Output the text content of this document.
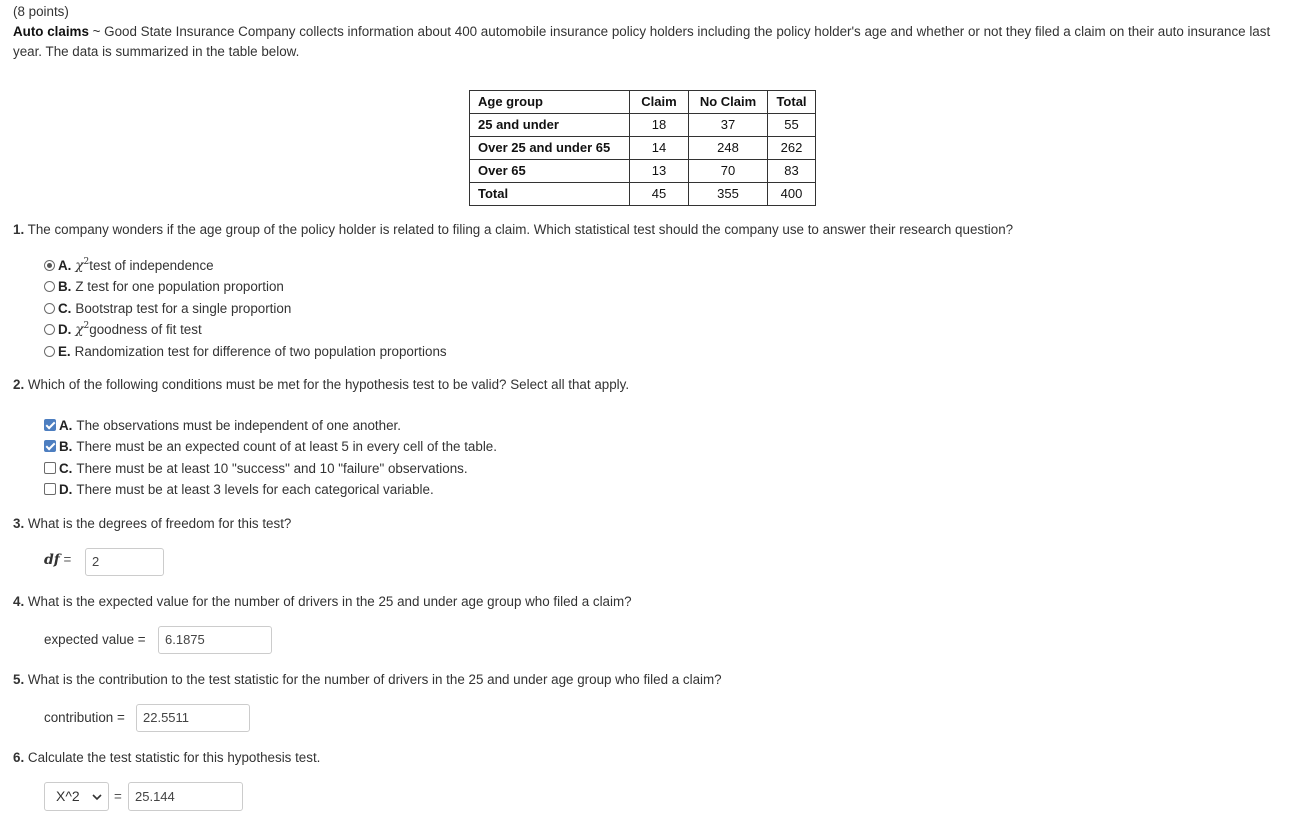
(8 points)
Auto claims ~ Good State Insurance Company collects information about 400 automobile insurance policy holders including the policy holder's age and whether or not they filed a claim on their auto insurance last year. The data is summarized in the table below.
Age group	Claim	No Claim	Total
25 and under	18	37	55
Over 25 and under 65	14	248	262
Over 65	13	70	83
Total	45	355	400
1. The company wonders if the age group of the policy holder is related to filing a claim. Which statistical test should the company use to answer their research question?
A. $\chi^2$ test of independence
B. Z test for one population proportion
C. Bootstrap test for a single proportion
D. $\chi^2$ goodness of fit test
E. Randomization test for difference of two population proportions
2. Which of the following conditions must be met for the hypothesis test to be valid? Select all that apply.
A. The observations must be independent of one another.
B. There must be an expected count of at least 5 in every cell of the table.
C. There must be at least 10 "success" and 10 "failure" observations.
D. There must be at least 3 levels for each categorical variable.
3. What is the degrees of freedom for this test?
df =	2
4. What is the expected value for the number of drivers in the 25 and under age group who filed a claim?
expected value =	6.1875
5. What is the contribution to the test statistic for the number of drivers in the 25 and under age group who filed a claim?
contribution =	22.5511
6. Calculate the test statistic for this hypothesis test.
X^2	=	25.144
